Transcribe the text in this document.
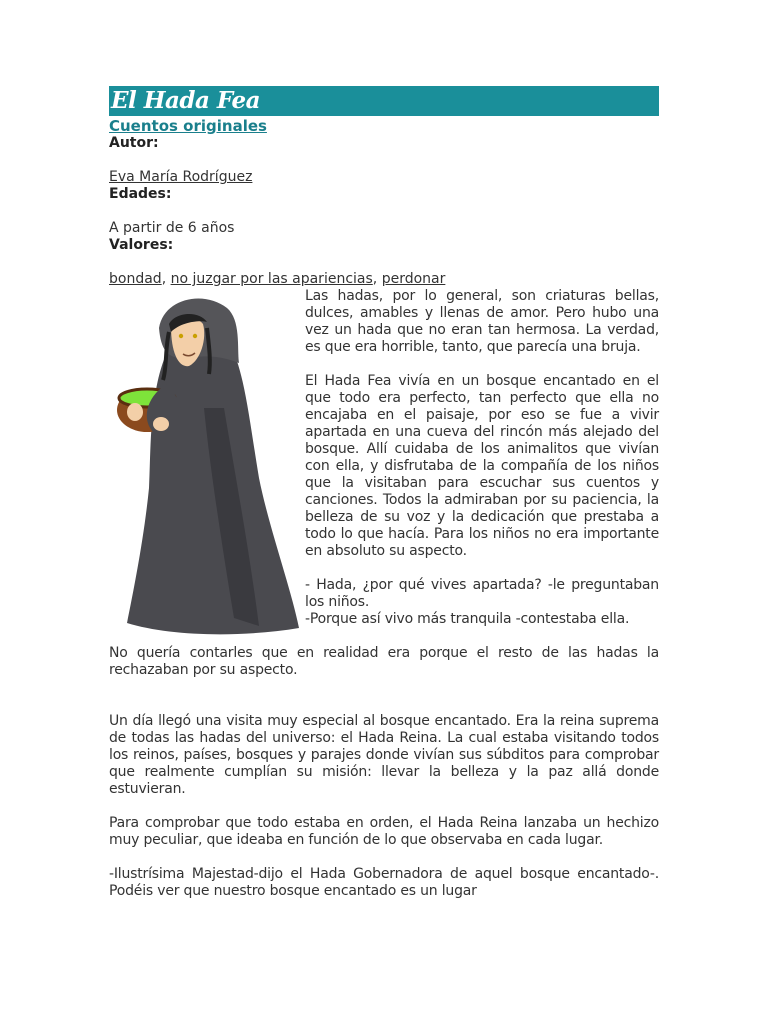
El Hada Fea
Cuentos originales
Autor:
Eva María Rodríguez
Edades:
A partir de 6 años
Valores:
bondad, no juzgar por las apariencias, perdonar

Las hadas, por lo general, son criaturas bellas, dulces, amables y llenas de amor. Pero hubo una vez un hada que no eran tan hermosa. La verdad, es que era horrible, tanto, que parecía una bruja.

El Hada Fea vivía en un bosque encantado en el que todo era perfecto, tan perfecto que ella no encajaba en el paisaje, por eso se fue a vivir apartada en una cueva del rincón más alejado del bosque. Allí cuidaba de los animalitos que vivían con ella, y disfrutaba de la compañía de los niños que la visitaban para escuchar sus cuentos y canciones. Todos la admiraban por su paciencia, la belleza de su voz y la dedicación que prestaba a todo lo que hacía. Para los niños no era importante en absoluto su aspecto.

- Hada, ¿por qué vives apartada? -le preguntaban los niños.

-Porque así vivo más tranquila -contestaba ella.

No quería contarles que en realidad era porque el resto de las hadas la rechazaban por su aspecto.

Un día llegó una visita muy especial al bosque encantado. Era la reina suprema de todas las hadas del universo: el Hada Reina. La cual estaba visitando todos los reinos, países, bosques y parajes donde vivían sus súbditos para comprobar que realmente cumplían su misión: llevar la belleza y la paz allá donde estuvieran.

Para comprobar que todo estaba en orden, el Hada Reina lanzaba un hechizo muy peculiar, que ideaba en función de lo que observaba en cada lugar.

-Ilustrísima Majestad-dijo el Hada Gobernadora de aquel bosque encantado-. Podéis ver que nuestro bosque encantado es un lugar
